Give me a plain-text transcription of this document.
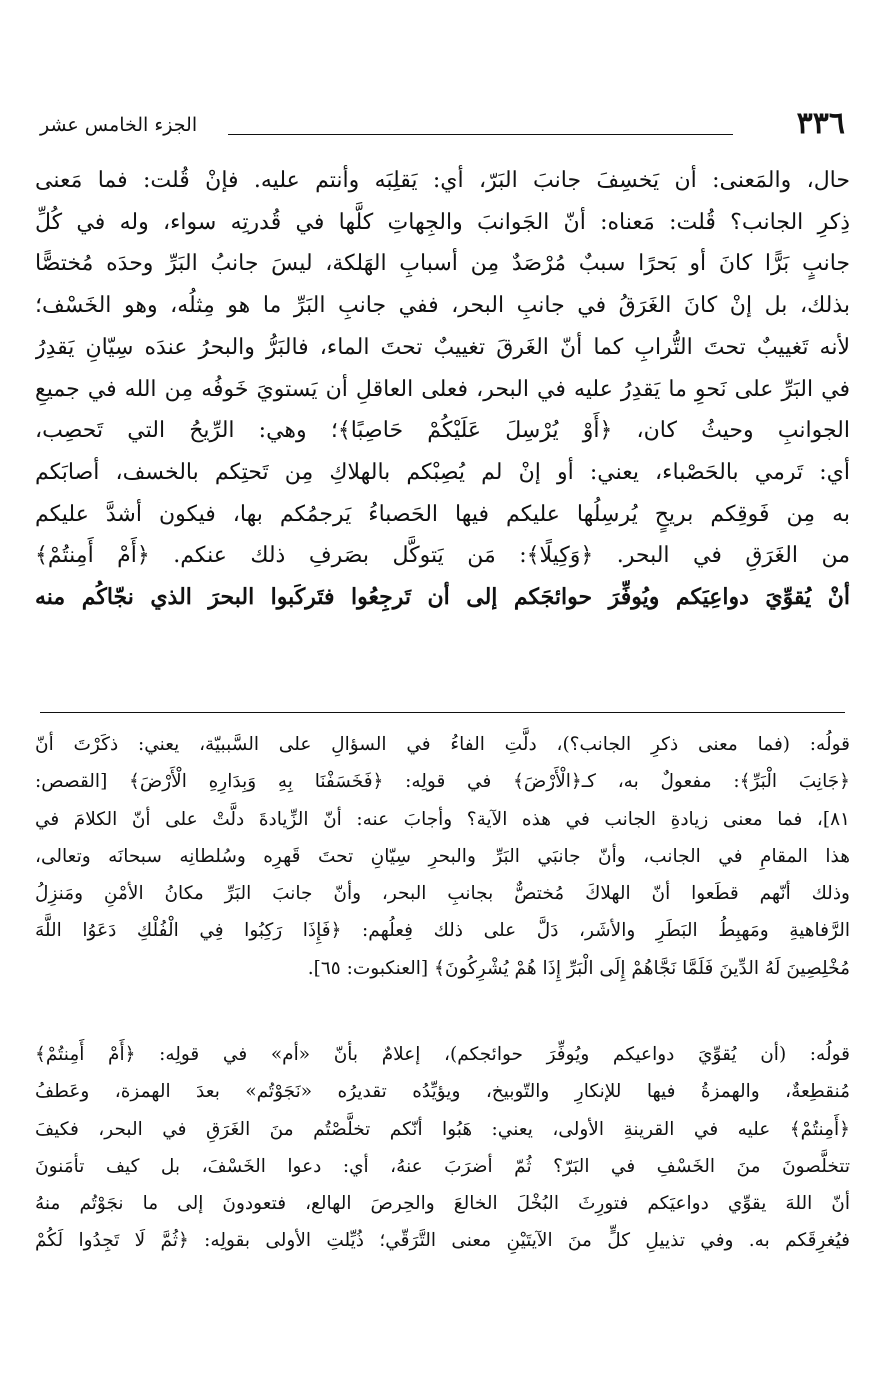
٣٣٦
الجزء الخامس عشر
حال، والمَعنى: أن يَخسِفَ جانبَ البَرّ، أي: يَقلِبَه وأنتم عليه. فإنْ قُلت: فما مَعنى
ذِكرِ الجانب؟ قُلت: مَعناه: أنّ الجَوانبَ والجِهاتِ كلَّها في قُدرتِه سواء، وله في كُلِّ
جانبٍ بَرًّا كانَ أو بَحرًا سببٌ مُرْصَدٌ مِن أسبابِ الهَلكة، ليسَ جانبُ البَرِّ وحدَه مُختصًّا
بذلك، بل إنْ كانَ الغَرَقُ في جانبِ البحر، ففي جانبِ البَرِّ ما هو مِثلُه، وهو الخَسْف؛
لأنه تَغييبٌ تحتَ التُّرابِ كما أنّ الغَرقَ تغييبٌ تحتَ الماء، فالبَرُّ والبحرُ عندَه سِيّانِ يَقدِرُ
في البَرِّ على نَحوِ ما يَقدِرُ عليه في البحر، فعلى العاقلِ أن يَستويَ خَوفُه مِن الله في جميعِ
الجوانبِ وحيثُ كان، ﴿أَوْ يُرْسِلَ عَلَيْكُمْ حَاصِبًا﴾؛ وهي: الرِّيحُ التي تَحصِب،
أي: تَرمي بالحَصْباء، يعني: أو إنْ لم يُصِبْكم بالهلاكِ مِن تَحتِكم بالخسف، أصابَكم
به مِن فَوقِكم بريحٍ يُرسِلُها عليكم فيها الحَصباءُ يَرجمُكم بها، فيكون أشدَّ عليكم
من الغَرَقِ في البحر. ﴿وَكِيلًا﴾: مَن يَتوكَّل بصَرفِ ذلك عنكم. ﴿أَمْ أَمِنتُمْ﴾
أنْ يُقوِّيَ دواعِيَكم ويُوفِّرَ حوائجَكم إلى أن تَرجِعُوا فتَركَبوا البحرَ الذي نجّاكُم منه
قولُه: (فما معنى ذكرِ الجانب؟)، دلَّتِ الفاءُ في السؤالِ على السَّببيّة، يعني: ذكَرْتَ أنّ
﴿جَانِبَ الْبَرِّ﴾: مفعولٌ به، كـ﴿الْأَرْضَ﴾ في قولِه: ﴿فَخَسَفْنَا بِهِ وَبِدَارِهِ الْأَرْضَ﴾ [القصص:
٨١]، فما معنى زيادةِ الجانب في هذه الآية؟ وأجابَ عنه: أنّ الزِّيادةَ دلَّتْ على أنّ الكلامَ في
هذا المقامِ في الجانب، وأنّ جانبَي البَرِّ والبحرِ سِيّانِ تحتَ قَهرِه وسُلطانِه سبحانَه وتعالى،
وذلك أنّهم قطَعوا أنّ الهلاكَ مُختصٌّ بجانبِ البحر، وأنّ جانبَ البَرِّ مكانُ الأمْنِ ومَنزِلُ
الرَّفاهيةِ ومَهبِطُ البَطَرِ والأشَر، دَلَّ على ذلك فِعلُهم: ﴿فَإِذَا رَكِبُوا فِي الْفُلْكِ دَعَوُا اللَّهَ
مُخْلِصِينَ لَهُ الدِّينَ فَلَمَّا نَجَّاهُمْ إِلَى الْبَرِّ إِذَا هُمْ يُشْرِكُونَ﴾ [العنكبوت: ٦٥].
قولُه: (أن يُقوِّيَ دواعيكم ويُوفِّرَ حوائجكم)، إعلامٌ بأنّ «أم» في قولِه: ﴿أَمْ أَمِنتُمْ﴾
مُنقطِعةٌ، والهمزةُ فيها للإنكارِ والتّوبيخ، ويؤيِّدُه تقديرُه «نَجَوْتُم» بعدَ الهمزة، وعَطفُ
﴿أَمِنتُمْ﴾ عليه في القرينةِ الأولى، يعني: هَبُوا أنّكم تخلَّصْتُم منَ الغَرَقِ في البحر، فكيفَ
تتخلَّصونَ منَ الخَسْفِ في البَرّ؟ ثُمّ أضرَبَ عنهُ، أي: دعوا الخَسْفَ، بل كيف تأمَنونَ
أنّ اللهَ يقوِّي دواعيَكم فتورِثَ البُخْلَ الخالعَ والحِرصَ الهالع، فتعودونَ إلى ما نجَوْتُم منهُ
فيُغرِقَكم به. وفي تذييلِ كلٍّ منَ الآيتَيْنِ معنى التَّرَقّي؛ ذُيِّلتِ الأولى بقولِه: ﴿ثُمَّ لَا تَجِدُوا لَكُمْ
